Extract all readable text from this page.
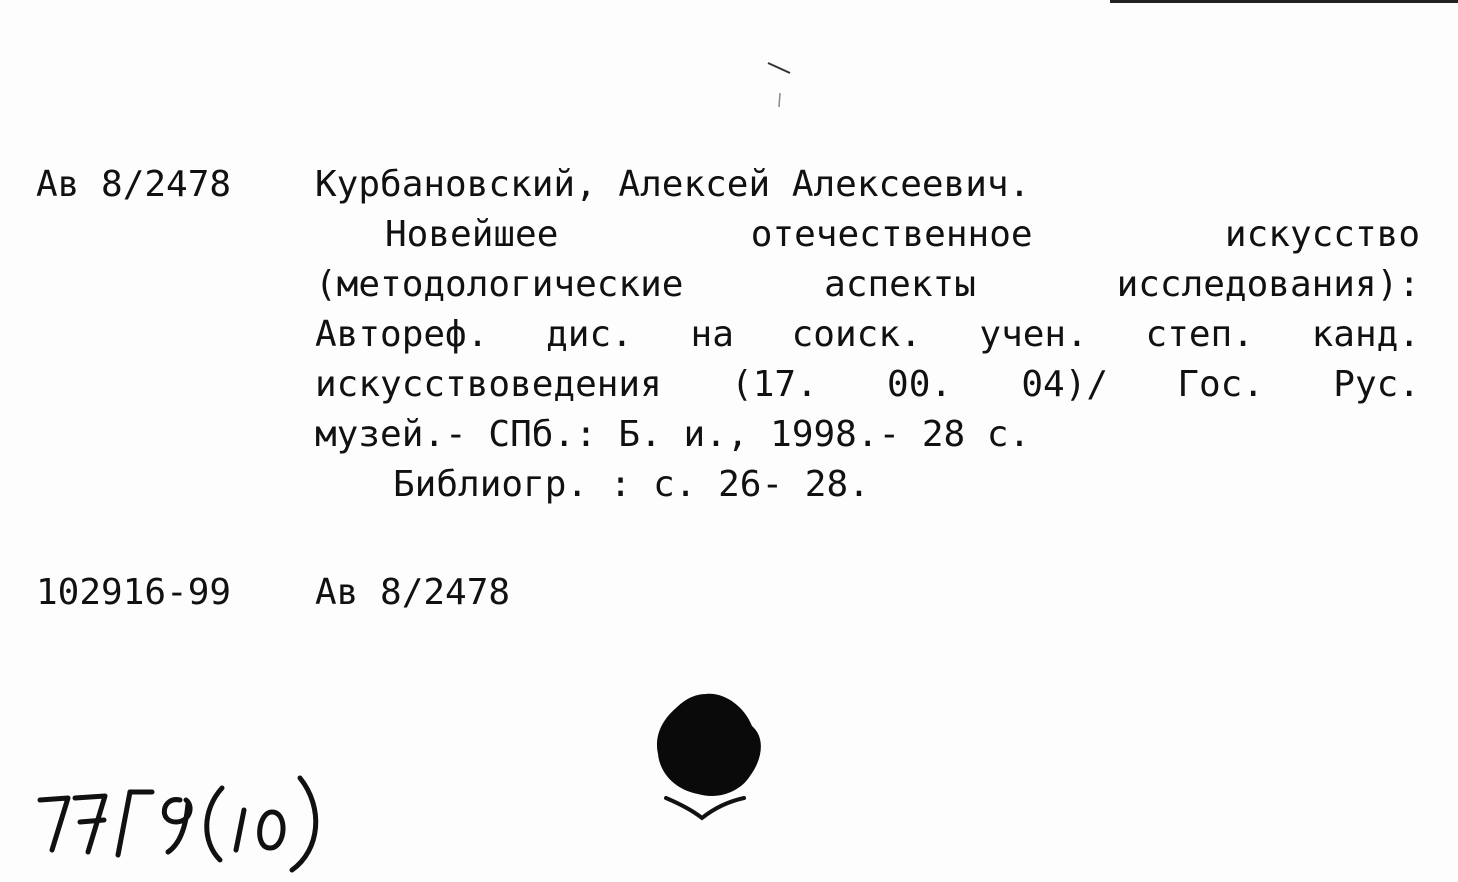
Ав 8/2478 Курбановский, Алексей Алексеевич.
Новейшее отечественное искусство
(методологические аспекты исследования):
Автореф. дис. на соиск. учен. степ. канд.
искусствоведения (17. 00. 04)/ Гос. Рус.
музей.- СПб.: Б. и., 1998.- 28 с.
Библиогр. : с. 26- 28.
102916-99 Ав 8/2478
